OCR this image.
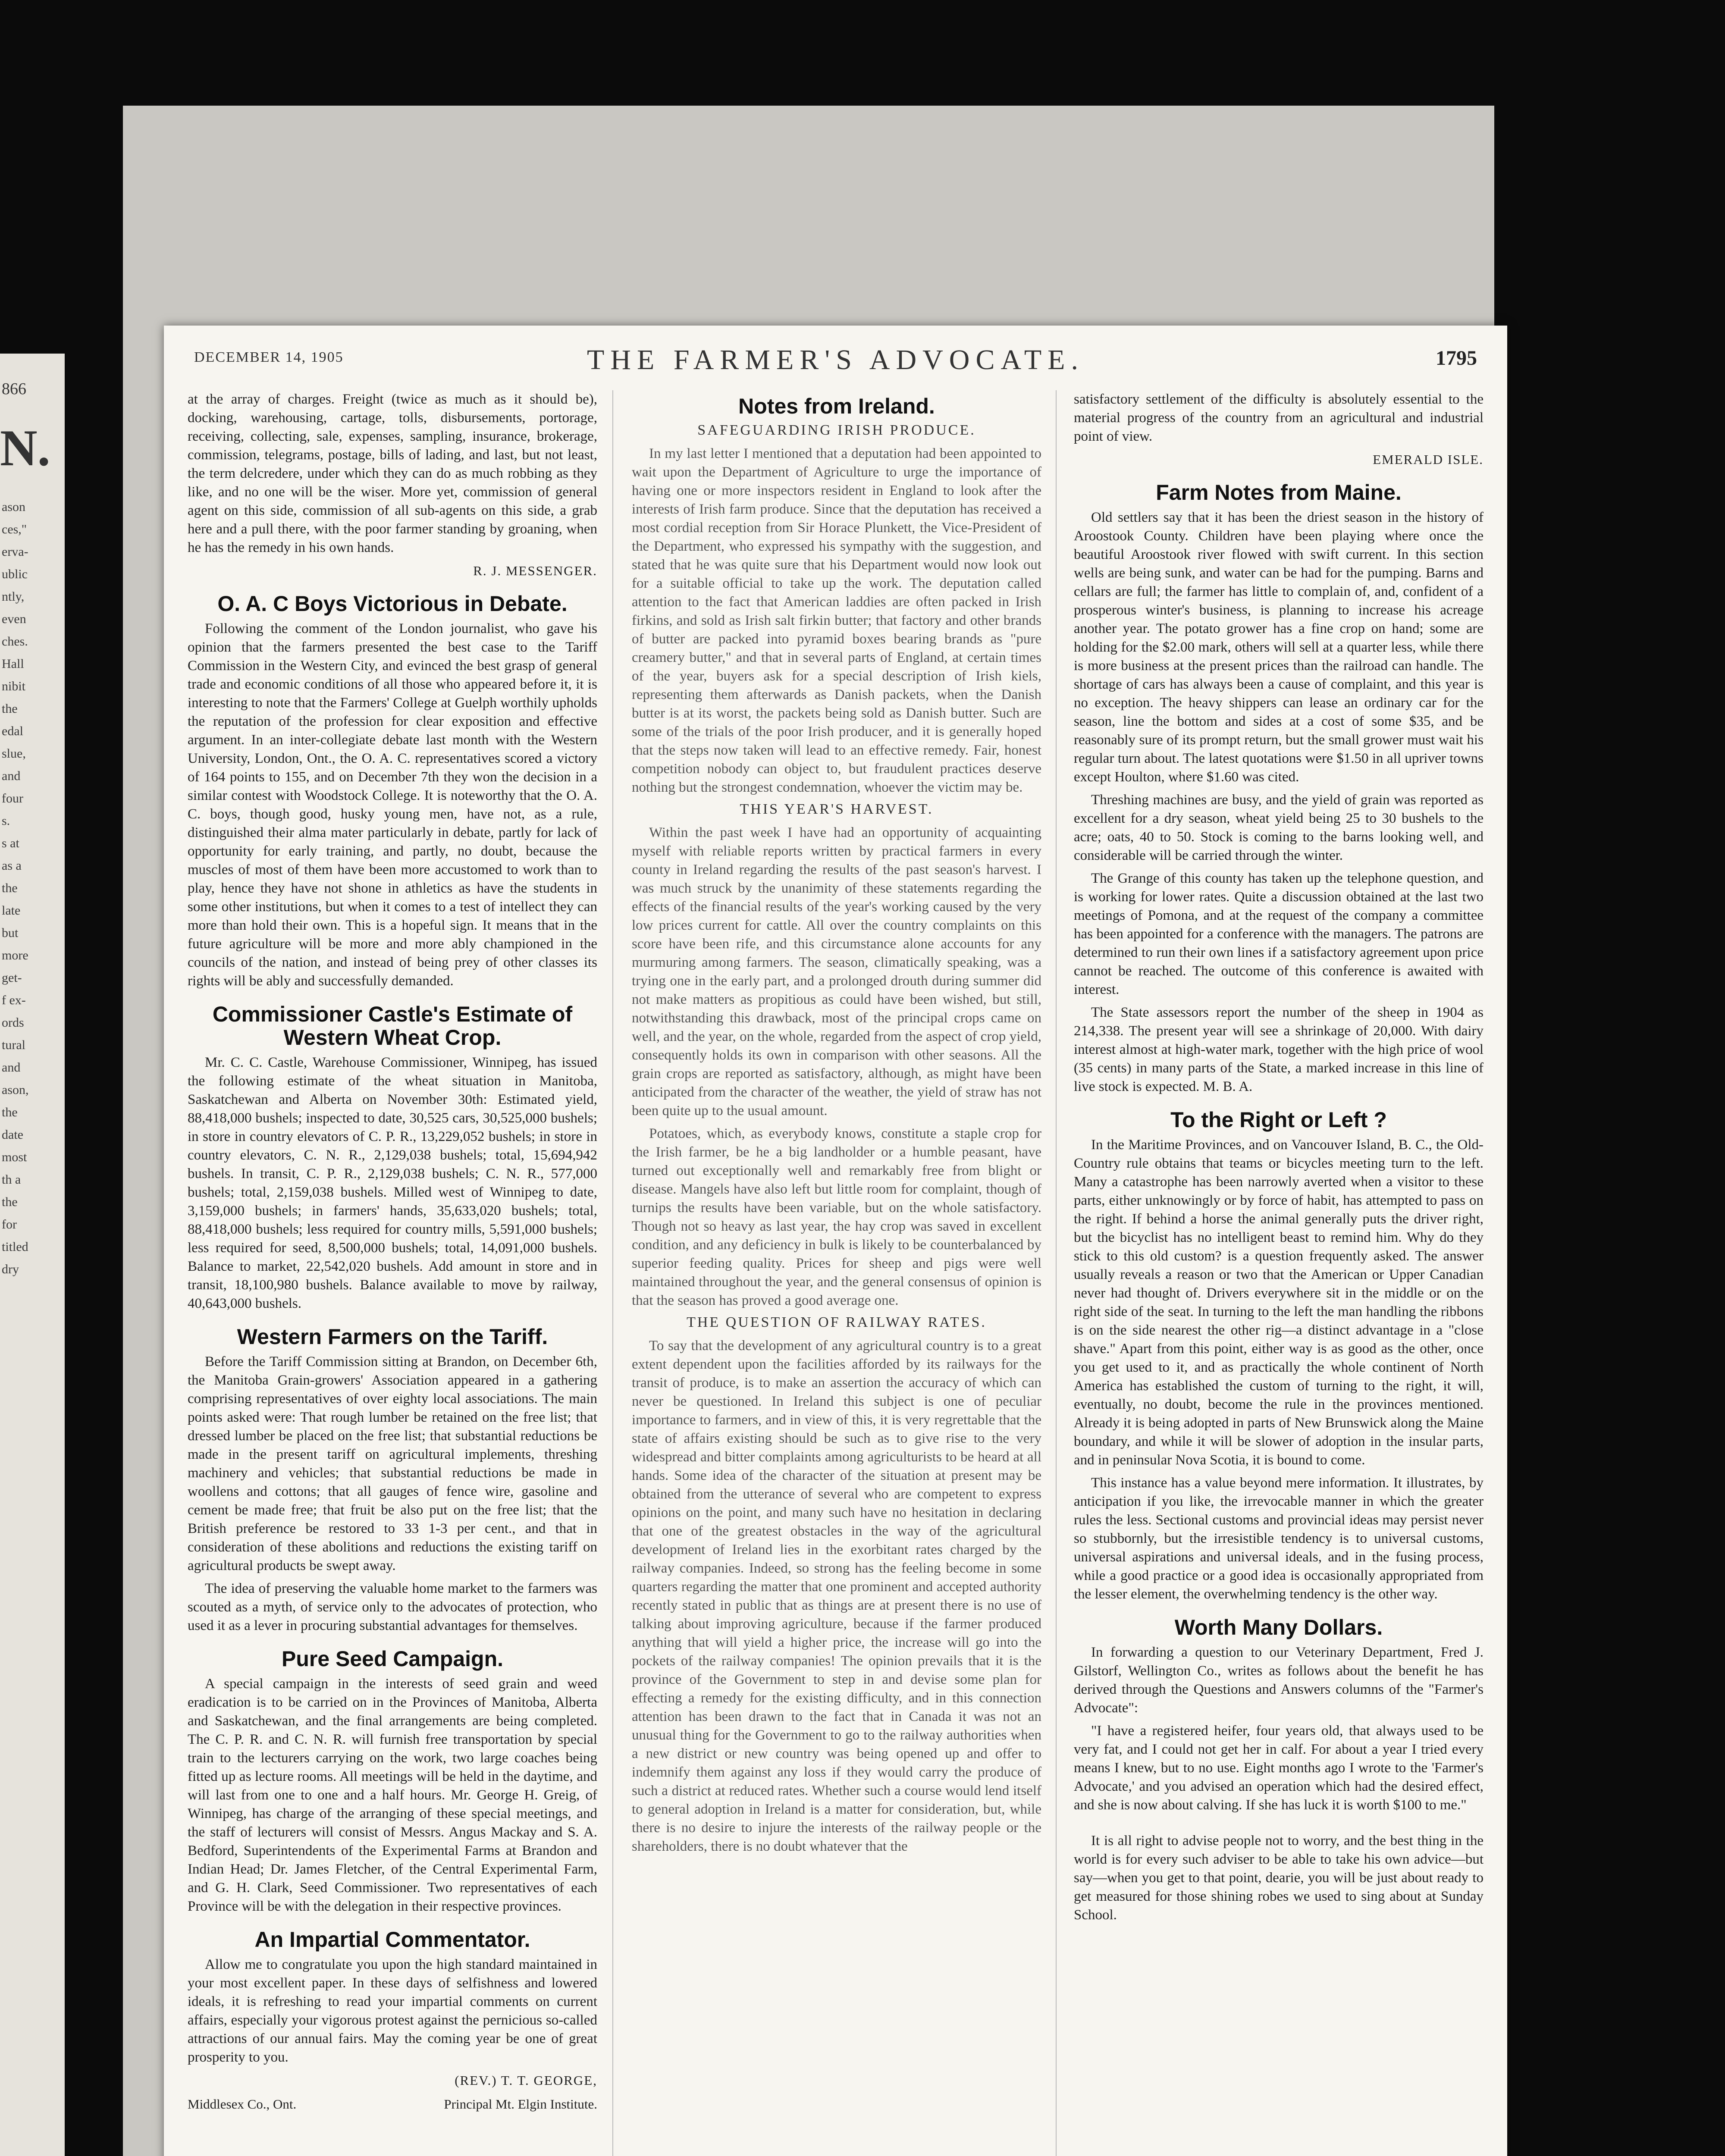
866
N.
ason
ces,"
erva-
ublic
ntly,
even
ches.
Hall
nibit
the
edal
slue,
and
four
s.
s at
as a
the
late
but
more
get-
f ex-
ords
tural
and
ason,
the
date
most
th a
the
for
titled
dry
DECEMBER 14, 1905	THE FARMER'S ADVOCATE.	1795

at the array of charges. Freight (twice as much as it should be), docking, warehousing, cartage, tolls, disbursements, portorage, receiving, collecting, sale, expenses, sampling, insurance, brokerage, commission, telegrams, postage, bills of lading, and last, but not least, the term delcredere, under which they can do as much robbing as they like, and no one will be the wiser. More yet, commission of general agent on this side, commission of all sub-agents on this side, a grab here and a pull there, with the poor farmer standing by groaning, when he has the remedy in his own hands.

R. J. MESSENGER.

O. A. C Boys Victorious in Debate.

Following the comment of the London journalist, who gave his opinion that the farmers presented the best case to the Tariff Commission in the Western City, and evinced the best grasp of general trade and economic conditions of all those who appeared before it, it is interesting to note that the Farmers' College at Guelph worthily upholds the reputation of the profession for clear exposition and effective argument. In an inter-collegiate debate last month with the Western University, London, Ont., the O. A. C. representatives scored a victory of 164 points to 155, and on December 7th they won the decision in a similar contest with Woodstock College. It is noteworthy that the O. A. C. boys, though good, husky young men, have not, as a rule, distinguished their alma mater particularly in debate, partly for lack of opportunity for early training, and partly, no doubt, because the muscles of most of them have been more accustomed to work than to play, hence they have not shone in athletics as have the students in some other institutions, but when it comes to a test of intellect they can more than hold their own. This is a hopeful sign. It means that in the future agriculture will be more and more ably championed in the councils of the nation, and instead of being prey of other classes its rights will be ably and successfully demanded.

Commissioner Castle's Estimate of Western Wheat Crop.

Mr. C. C. Castle, Warehouse Commissioner, Winnipeg, has issued the following estimate of the wheat situation in Manitoba, Saskatchewan and Alberta on November 30th: Estimated yield, 88,418,000 bushels; inspected to date, 30,525 cars, 30,525,000 bushels; in store in country elevators of C. P. R., 13,229,052 bushels; in store in country elevators, C. N. R., 2,129,038 bushels; total, 15,694,942 bushels. In transit, C. P. R., 2,129,038 bushels; C. N. R., 577,000 bushels; total, 2,159,038 bushels. Milled west of Winnipeg to date, 3,159,000 bushels; in farmers' hands, 35,633,020 bushels; total, 88,418,000 bushels; less required for country mills, 5,591,000 bushels; less required for seed, 8,500,000 bushels; total, 14,091,000 bushels. Balance to market, 22,542,020 bushels. Add amount in store and in transit, 18,100,980 bushels. Balance available to move by railway, 40,643,000 bushels.

Western Farmers on the Tariff.

Before the Tariff Commission sitting at Brandon, on December 6th, the Manitoba Grain-growers' Association appeared in a gathering comprising representatives of over eighty local associations. The main points asked were: That rough lumber be retained on the free list; that dressed lumber be placed on the free list; that substantial reductions be made in the present tariff on agricultural implements, threshing machinery and vehicles; that substantial reductions be made in woollens and cottons; that all gauges of fence wire, gasoline and cement be made free; that fruit be also put on the free list; that the British preference be restored to 33 1-3 per cent., and that in consideration of these abolitions and reductions the existing tariff on agricultural products be swept away.

The idea of preserving the valuable home market to the farmers was scouted as a myth, of service only to the advocates of protection, who used it as a lever in procuring substantial advantages for themselves.

Pure Seed Campaign.

A special campaign in the interests of seed grain and weed eradication is to be carried on in the Provinces of Manitoba, Alberta and Saskatchewan, and the final arrangements are being completed. The C. P. R. and C. N. R. will furnish free transportation by special train to the lecturers carrying on the work, two large coaches being fitted up as lecture rooms. All meetings will be held in the daytime, and will last from one to one and a half hours. Mr. George H. Greig, of Winnipeg, has charge of the arranging of these special meetings, and the staff of lecturers will consist of Messrs. Angus Mackay and S. A. Bedford, Superintendents of the Experimental Farms at Brandon and Indian Head; Dr. James Fletcher, of the Central Experimental Farm, and G. H. Clark, Seed Commissioner. Two representatives of each Province will be with the delegation in their respective provinces.

An Impartial Commentator.

Allow me to congratulate you upon the high standard maintained in your most excellent paper. In these days of selfishness and lowered ideals, it is refreshing to read your impartial comments on current affairs, especially your vigorous protest against the pernicious so-called attractions of our annual fairs. May the coming year be one of great prosperity to you.

(REV.) T. T. GEORGE,

Middlesex Co., Ont.	Principal Mt. Elgin Institute.

Notes from Ireland.
SAFEGUARDING IRISH PRODUCE.

In my last letter I mentioned that a deputation had been appointed to wait upon the Department of Agriculture to urge the importance of having one or more inspectors resident in England to look after the interests of Irish farm produce. Since that the deputation has received a most cordial reception from Sir Horace Plunkett, the Vice-President of the Department, who expressed his sympathy with the suggestion, and stated that he was quite sure that his Department would now look out for a suitable official to take up the work. The deputation called attention to the fact that American laddies are often packed in Irish firkins, and sold as Irish salt firkin butter; that factory and other brands of butter are packed into pyramid boxes bearing brands as "pure creamery butter," and that in several parts of England, at certain times of the year, buyers ask for a special description of Irish kiels, representing them afterwards as Danish packets, when the Danish butter is at its worst, the packets being sold as Danish butter. Such are some of the trials of the poor Irish producer, and it is generally hoped that the steps now taken will lead to an effective remedy. Fair, honest competition nobody can object to, but fraudulent practices deserve nothing but the strongest condemnation, whoever the victim may be.

THIS YEAR'S HARVEST.

Within the past week I have had an opportunity of acquainting myself with reliable reports written by practical farmers in every county in Ireland regarding the results of the past season's harvest. I was much struck by the unanimity of these statements regarding the effects of the financial results of the year's working caused by the very low prices current for cattle. All over the country complaints on this score have been rife, and this circumstance alone accounts for any murmuring among farmers. The season, climatically speaking, was a trying one in the early part, and a prolonged drouth during summer did not make matters as propitious as could have been wished, but still, notwithstanding this drawback, most of the principal crops came on well, and the year, on the whole, regarded from the aspect of crop yield, consequently holds its own in comparison with other seasons. All the grain crops are reported as satisfactory, although, as might have been anticipated from the character of the weather, the yield of straw has not been quite up to the usual amount.

Potatoes, which, as everybody knows, constitute a staple crop for the Irish farmer, be he a big landholder or a humble peasant, have turned out exceptionally well and remarkably free from blight or disease. Mangels have also left but little room for complaint, though of turnips the results have been variable, but on the whole satisfactory. Though not so heavy as last year, the hay crop was saved in excellent condition, and any deficiency in bulk is likely to be counterbalanced by superior feeding quality. Prices for sheep and pigs were well maintained throughout the year, and the general consensus of opinion is that the season has proved a good average one.

THE QUESTION OF RAILWAY RATES.

To say that the development of any agricultural country is to a great extent dependent upon the facilities afforded by its railways for the transit of produce, is to make an assertion the accuracy of which can never be questioned. In Ireland this subject is one of peculiar importance to farmers, and in view of this, it is very regrettable that the state of affairs existing should be such as to give rise to the very widespread and bitter complaints among agriculturists to be heard at all hands. Some idea of the character of the situation at present may be obtained from the utterance of several who are competent to express opinions on the point, and many such have no hesitation in declaring that one of the greatest obstacles in the way of the agricultural development of Ireland lies in the exorbitant rates charged by the railway companies. Indeed, so strong has the feeling become in some quarters regarding the matter that one prominent and accepted authority recently stated in public that as things are at present there is no use of talking about improving agriculture, because if the farmer produced anything that will yield a higher price, the increase will go into the pockets of the railway companies! The opinion prevails that it is the province of the Government to step in and devise some plan for effecting a remedy for the existing difficulty, and in this connection attention has been drawn to the fact that in Canada it was not an unusual thing for the Government to go to the railway authorities when a new district or new country was being opened up and offer to indemnify them against any loss if they would carry the produce of such a district at reduced rates. Whether such a course would lend itself to general adoption in Ireland is a matter for consideration, but, while there is no desire to injure the interests of the railway people or the shareholders, there is no doubt whatever that the

satisfactory settlement of the difficulty is absolutely essential to the material progress of the country from an agricultural and industrial point of view.

EMERALD ISLE.

Farm Notes from Maine.

Old settlers say that it has been the driest season in the history of Aroostook County. Children have been playing where once the beautiful Aroostook river flowed with swift current. In this section wells are being sunk, and water can be had for the pumping. Barns and cellars are full; the farmer has little to complain of, and, confident of a prosperous winter's business, is planning to increase his acreage another year. The potato grower has a fine crop on hand; some are holding for the $2.00 mark, others will sell at a quarter less, while there is more business at the present prices than the railroad can handle. The shortage of cars has always been a cause of complaint, and this year is no exception. The heavy shippers can lease an ordinary car for the season, line the bottom and sides at a cost of some $35, and be reasonably sure of its prompt return, but the small grower must wait his regular turn about. The latest quotations were $1.50 in all upriver towns except Houlton, where $1.60 was cited.

Threshing machines are busy, and the yield of grain was reported as excellent for a dry season, wheat yield being 25 to 30 bushels to the acre; oats, 40 to 50. Stock is coming to the barns looking well, and considerable will be carried through the winter.

The Grange of this county has taken up the telephone question, and is working for lower rates. Quite a discussion obtained at the last two meetings of Pomona, and at the request of the company a committee has been appointed for a conference with the managers. The patrons are determined to run their own lines if a satisfactory agreement upon price cannot be reached. The outcome of this conference is awaited with interest.

The State assessors report the number of the sheep in 1904 as 214,338. The present year will see a shrinkage of 20,000. With dairy interest almost at high-water mark, together with the high price of wool (35 cents) in many parts of the State, a marked increase in this line of live stock is expected. M. B. A.

To the Right or Left ?

In the Maritime Provinces, and on Vancouver Island, B. C., the Old-Country rule obtains that teams or bicycles meeting turn to the left. Many a catastrophe has been narrowly averted when a visitor to these parts, either unknowingly or by force of habit, has attempted to pass on the right. If behind a horse the animal generally puts the driver right, but the bicyclist has no intelligent beast to remind him. Why do they stick to this old custom? is a question frequently asked. The answer usually reveals a reason or two that the American or Upper Canadian never had thought of. Drivers everywhere sit in the middle or on the right side of the seat. In turning to the left the man handling the ribbons is on the side nearest the other rig—a distinct advantage in a "close shave." Apart from this point, either way is as good as the other, once you get used to it, and as practically the whole continent of North America has established the custom of turning to the right, it will, eventually, no doubt, become the rule in the provinces mentioned. Already it is being adopted in parts of New Brunswick along the Maine boundary, and while it will be slower of adoption in the insular parts, and in peninsular Nova Scotia, it is bound to come.

This instance has a value beyond mere information. It illustrates, by anticipation if you like, the irrevocable manner in which the greater rules the less. Sectional customs and provincial ideas may persist never so stubbornly, but the irresistible tendency is to universal customs, universal aspirations and universal ideals, and in the fusing process, while a good practice or a good idea is occasionally appropriated from the lesser element, the overwhelming tendency is the other way.

Worth Many Dollars.

In forwarding a question to our Veterinary Department, Fred J. Gilstorf, Wellington Co., writes as follows about the benefit he has derived through the Questions and Answers columns of the "Farmer's Advocate":

"I have a registered heifer, four years old, that always used to be very fat, and I could not get her in calf. For about a year I tried every means I knew, but to no use. Eight months ago I wrote to the 'Farmer's Advocate,' and you advised an operation which had the desired effect, and she is now about calving. If she has luck it is worth $100 to me."

It is all right to advise people not to worry, and the best thing in the world is for every such adviser to be able to take his own advice—but say—when you get to that point, dearie, you will be just about ready to get measured for those shining robes we used to sing about at Sunday School.
